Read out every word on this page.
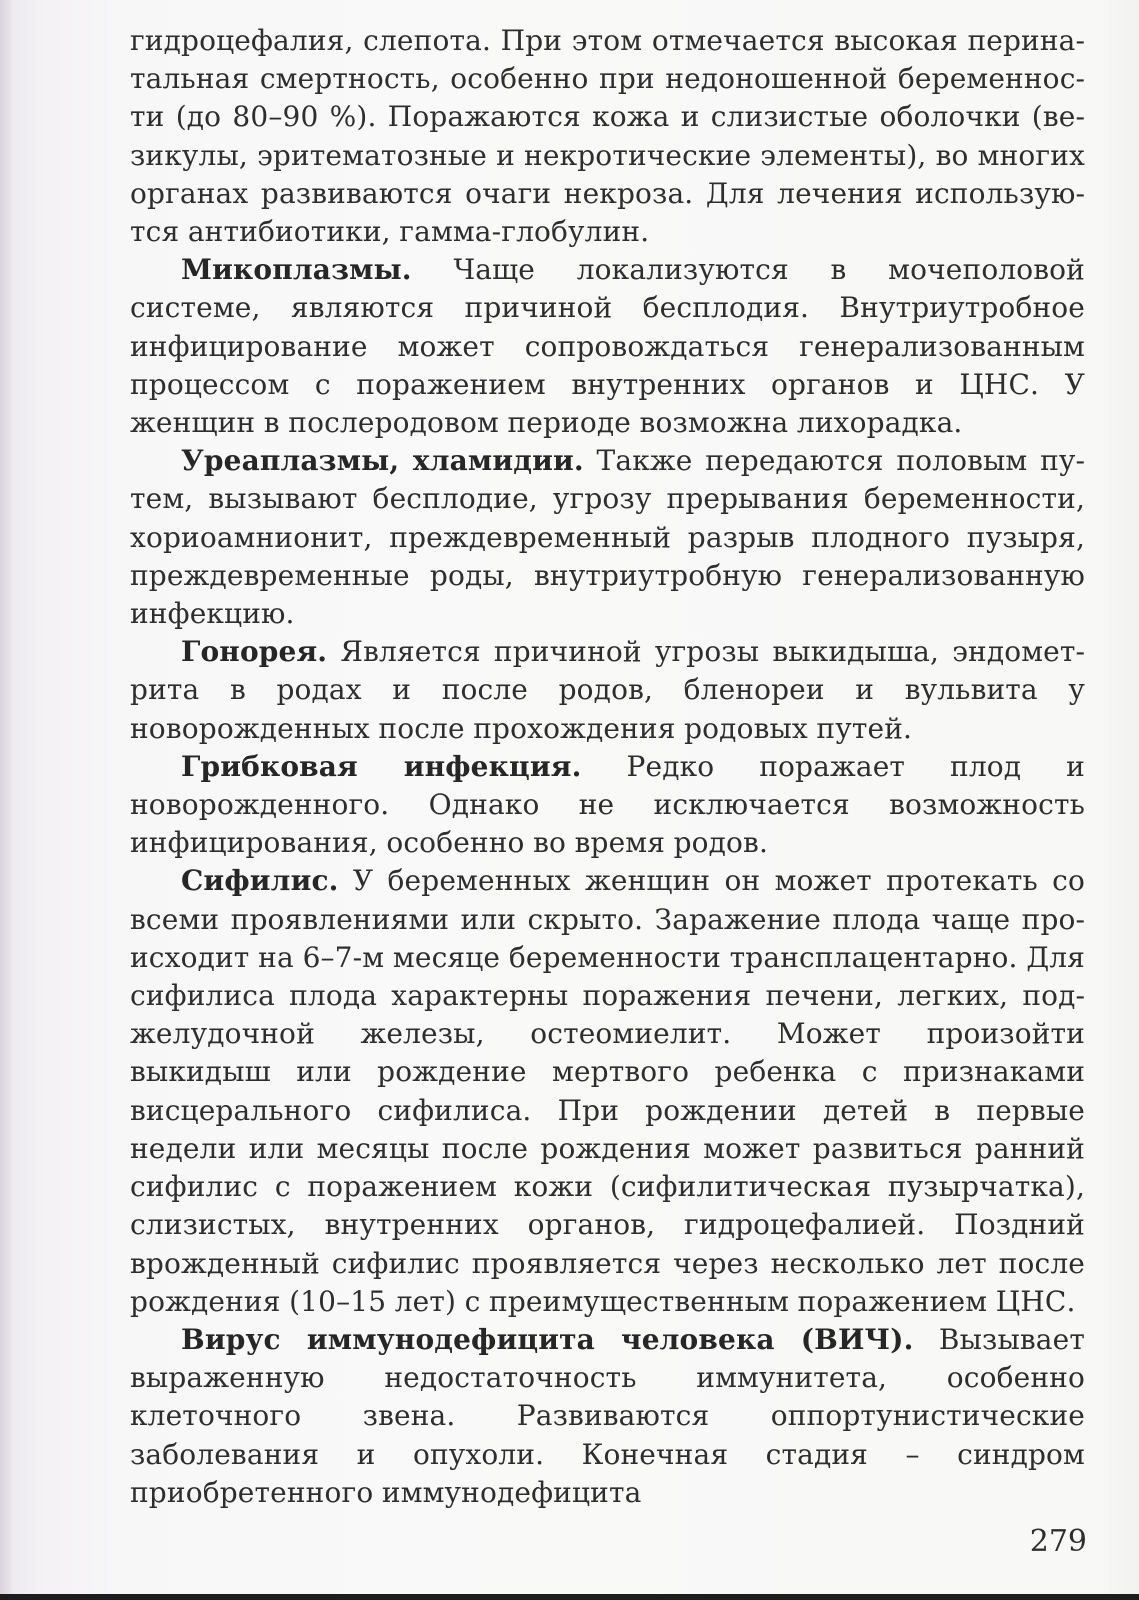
гидроцефалия, слепота. При этом отмечается высокая перинатальная смертность, особенно при недоношенной беременности (до 80–90 %). Поражаются кожа и слизистые оболочки (везикулы, эритематозные и некротические элементы), во многих органах развиваются очаги некроза. Для лечения используются антибиотики, гамма-глобулин.

Микоплазмы. Чаще локализуются в мочеполовой системе, являются причиной бесплодия. Внутриутробное инфицирование может сопровождаться генерализованным процессом с поражением внутренних органов и ЦНС. У женщин в послеродовом периоде возможна лихорадка.

Уреаплазмы, хламидии. Также передаются половым путем, вызывают бесплодие, угрозу прерывания беременности, хориоамнионит, преждевременный разрыв плодного пузыря, преждевременные роды, внутриутробную генерализованную инфекцию.

Гонорея. Является причиной угрозы выкидыша, эндометрита в родах и после родов, бленореи и вульвита у новорожденных после прохождения родовых путей.

Грибковая инфекция. Редко поражает плод и новорожденного. Однако не исключается возможность инфицирования, особенно во время родов.

Сифилис. У беременных женщин он может протекать со всеми проявлениями или скрыто. Заражение плода чаще происходит на 6–7-м месяце беременности трансплацентарно. Для сифилиса плода характерны поражения печени, легких, поджелудочной железы, остеомиелит. Может произойти выкидыш или рождение мертвого ребенка с признаками висцерального сифилиса. При рождении детей в первые недели или месяцы после рождения может развиться ранний сифилис с поражением кожи (сифилитическая пузырчатка), слизистых, внутренних органов, гидроцефалией. Поздний врожденный сифилис проявляется через несколько лет после рождения (10–15 лет) с преимущественным поражением ЦНС.

Вирус иммунодефицита человека (ВИЧ). Вызывает выраженную недостаточность иммунитета, особенно клеточного звена. Развиваются оппортунистические заболевания и опухоли. Конечная стадия – синдром приобретенного иммунодефицита

279
